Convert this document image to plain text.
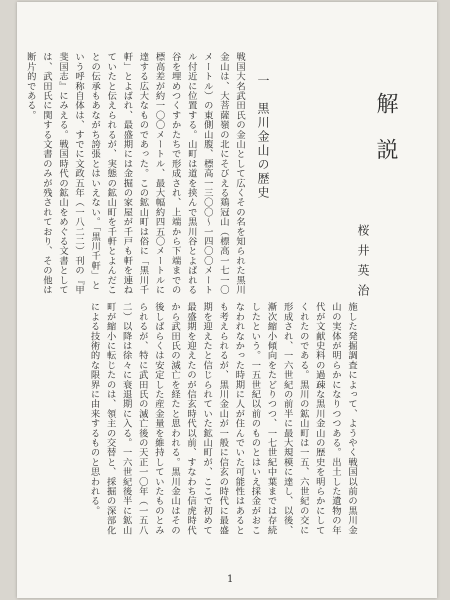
解説
桜井英治
一　黒川金山の歴史
戦国大名武田氏の金山として広くその名を知られた黒川金山は、大菩薩嶺の北にそびえる鶏冠山（標高一七一〇メートル）の東側山腹、標高一三〇〇〜一四〇〇メートル付近に位置する。山町は道を挟んで黒川谷とよばれる谷を埋めつくすかたちで形成され、上端から下端までの標高差が約一〇〇メートル、最大幅約四五〇メートルに達する広大なものであった。この鉱山町は俗に「黒川千軒」とよばれ、最盛期には金掘の家屋が千戸も軒を連ねていたと伝えられるが、実態の鉱山町を千軒とよんだことの伝承もあながち誇張とはいえない。「黒川千軒」という呼称自体は、すでに文政五年（一八二二）刊の『甲斐国志』にみえる。戦国時代の鉱山をめぐる文書としては、武田氏に関する文書のみが残されており、その他は断片的である。
施した発掘調査によって、ようやく戦国以前の黒川金山の実体が明らかになりつつある。出土した遺物の年代が文献史料の過疎な黒川金山の歴史を明らかにしてくれたのである。黒川の鉱山町は一五、六世紀の交に形成され、一六世紀の前半に最大規模に達し、以後、漸次縮小傾向をたどりつつ、一七世紀中葉までは存続したという。一五世紀以前のものとはいえ採金がおこなわれなかった時期に人が住んでいた可能性はあるとも考えられるが、黒川金山が一般に信玄の時代に最盛期を迎えたと信じられていた鉱山町が、ここで初めて最盛期を迎えたのが信玄時代以前、すなわち信虎時代から武田氏の滅亡を経たと思われる。黒川金山はその後しばらくは安定した産金量を維持していたものとみられるが、特に武田氏の滅亡後の天正一〇年（一五八二）以降は徐々に衰退期に入る。一六世紀後半に鉱山町が縮小に転じたのは、領主の交替と、採掘の深部化による技術的な限界に由来するものと思われる。
1
